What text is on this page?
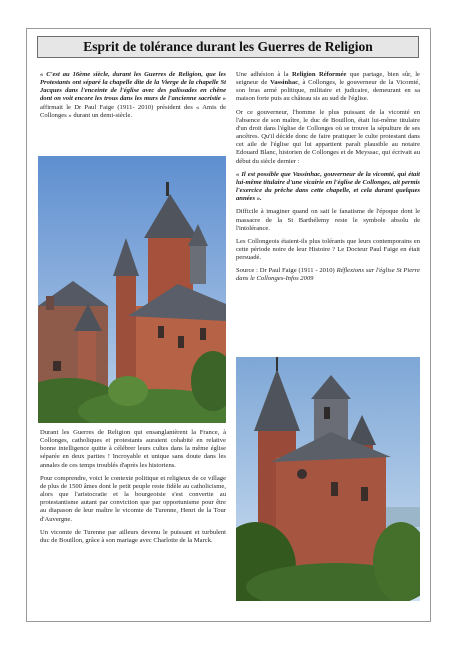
Esprit de tolérance durant les Guerres de Religion

« C'est au 16ème siècle, durant les Guerres de Religion, que les Protestants ont séparé la chapelle dite de la Vierge de la chapelle St Jacques dans l'enceinte de l'église avec des palissades en chêne dont on voit encore les trous dans les murs de l'ancienne sacristie » affirmait le Dr Paul Faige (1911- 2010) président des « Amis de Collonges » durant un demi-siècle.

Durant les Guerres de Religion qui ensanglantèrent la France, à Collonges, catholiques et protestants auraient cohabité en relative bonne intelligence quitte à célébrer leurs cultes dans la même église séparée en deux parties ! Incroyable et unique sans doute dans les annales de ces temps troublés d'après les historiens.

Pour comprendre, voici le contexte politique et religieux de ce village de plus de 1500 âmes dont le petit peuple reste fidèle au catholicisme, alors que l'aristocratie et la bourgeoisie s'est convertie au protestantisme autant par conviction que par opportunisme pour être au diapason de leur maître le vicomte de Turenne, Henri de la Tour d'Auvergne.

Un vicomte de Turenne par ailleurs devenu le puissant et turbulent duc de Bouillon, grâce à son mariage avec Charlotte de la Marck.

Une adhésion à la Religion Réformée que partage, bien sûr, le seigneur de Vassinhac, à Collonges, le gouverneur de la Vicomté, son bras armé politique, militaire et judicaire, demeurant en sa maison forte puis au château sis au sud de l'église.

Or ce gouverneur, l'homme le plus puissant de la vicomté en l'absence de son maître, le duc de Bouillon, était lui-même titulaire d'un droit dans l'église de Collonges où se trouve la sépulture de ses ancêtres. Qu'il décide donc de faire pratiquer le culte protestant dans cet aile de l'église qui lui appartient paraît plausible au notaire Edouard Blanc, historien de Collonges et de Meyssac, qui écrivait au début du siècle dernier :

« Il est possible que Vassinhac, gouverneur de la vicomté, qui était lui-même titulaire d'une vicairie en l'église de Collonges, ait permis l'exercice du prêche dans cette chapelle, et cela durant quelques années ».

Difficile à imaginer quand on sait le fanatisme de l'époque dont le massacre de la St Barthélemy reste le symbole absolu de l'intolérance.

Les Collongeois étaient-ils plus tolérants que leurs contemporains en cette période noire de leur Histoire ? Le Docteur Paul Faige en était persuadé.

Source : Dr Paul Faige (1911 - 2010) Réflexions sur l'église St Pierre dans le Collonges-Infos 2009
